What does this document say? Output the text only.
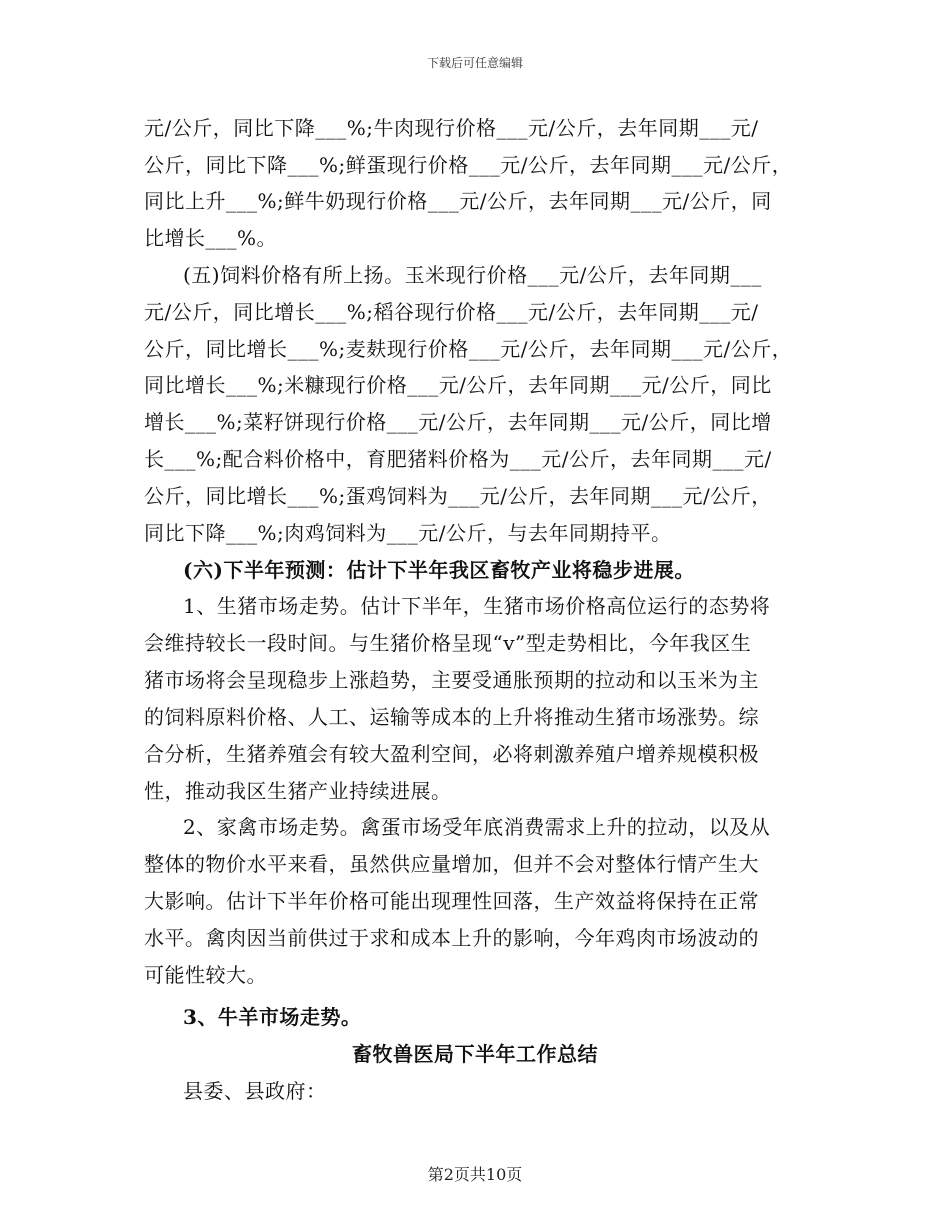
下载后可任意编辑
元/公斤，同比下降___%;牛肉现行价格___元/公斤，去年同期___元/
公斤，同比下降___%;鲜蛋现行价格___元/公斤，去年同期___元/公斤，
同比上升___%;鲜牛奶现行价格___元/公斤，去年同期___元/公斤，同
比增长___%。
(五)饲料价格有所上扬。玉米现行价格___元/公斤，去年同期___
元/公斤，同比增长___%;稻谷现行价格___元/公斤，去年同期___元/
公斤，同比增长___%;麦麸现行价格___元/公斤，去年同期___元/公斤，
同比增长___%;米糠现行价格___元/公斤，去年同期___元/公斤，同比
增长___%;菜籽饼现行价格___元/公斤，去年同期___元/公斤，同比增
长___%;配合料价格中，育肥猪料价格为___元/公斤，去年同期___元/
公斤，同比增长___%;蛋鸡饲料为___元/公斤，去年同期___元/公斤，
同比下降___%;肉鸡饲料为___元/公斤，与去年同期持平。
(六)下半年预测：估计下半年我区畜牧产业将稳步进展。
1、生猪市场走势。估计下半年，生猪市场价格高位运行的态势将
会维持较长一段时间。与生猪价格呈现“v”型走势相比，今年我区生
猪市场将会呈现稳步上涨趋势，主要受通胀预期的拉动和以玉米为主
的饲料原料价格、人工、运输等成本的上升将推动生猪市场涨势。综
合分析，生猪养殖会有较大盈利空间，必将刺激养殖户增养规模积极
性，推动我区生猪产业持续进展。
2、家禽市场走势。禽蛋市场受年底消费需求上升的拉动，以及从
整体的物价水平来看，虽然供应量增加，但并不会对整体行情产生大
大影响。估计下半年价格可能出现理性回落，生产效益将保持在正常
水平。禽肉因当前供过于求和成本上升的影响，今年鸡肉市场波动的
可能性较大。
3、牛羊市场走势。
畜牧兽医局下半年工作总结
县委、县政府：
第2页共10页
